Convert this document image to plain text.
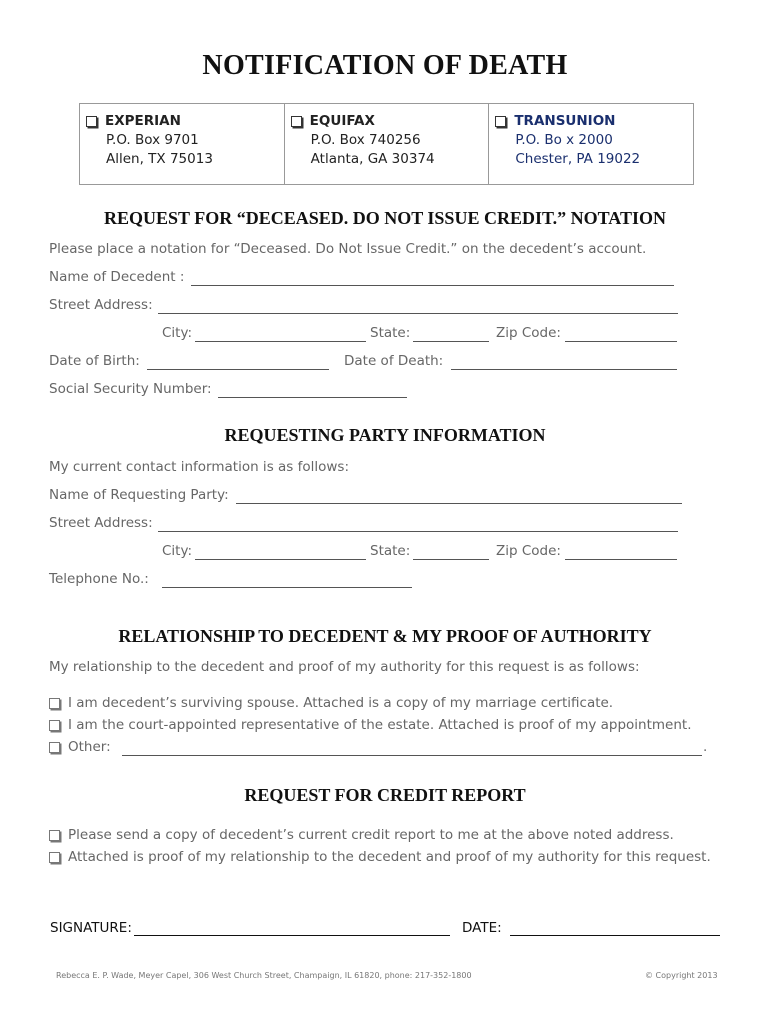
NOTIFICATION OF DEATH
EXPERIAN
P.O. Box 9701
Allen, TX 75013
EQUIFAX
P.O. Box 740256
Atlanta, GA 30374
TRANSUNION
P.O. Bo x 2000
Chester, PA 19022
REQUEST FOR “DECEASED. DO NOT ISSUE CREDIT.” NOTATION
Please place a notation for “Deceased. Do Not Issue Credit.” on the decedent’s account.
Name of Decedent :
Street Address:
City:	State:	Zip Code:
Date of Birth:	Date of Death:
Social Security Number:
REQUESTING PARTY INFORMATION
My current contact information is as follows:
Name of Requesting Party:
Street Address:
City:	State:	Zip Code:
Telephone No.:
RELATIONSHIP TO DECEDENT & MY PROOF OF AUTHORITY
My relationship to the decedent and proof of my authority for this request is as follows:
I am decedent’s surviving spouse. Attached is a copy of my marriage certificate.
I am the court-appointed representative of the estate. Attached is proof of my appointment.
Other:	.
REQUEST FOR CREDIT REPORT
Please send a copy of decedent’s current credit report to me at the above noted address.
Attached is proof of my relationship to the decedent and proof of my authority for this request.
SIGNATURE:	DATE:
Rebecca E. P. Wade, Meyer Capel, 306 West Church Street, Champaign, IL 61820, phone: 217-352-1800	© Copyright 2013
